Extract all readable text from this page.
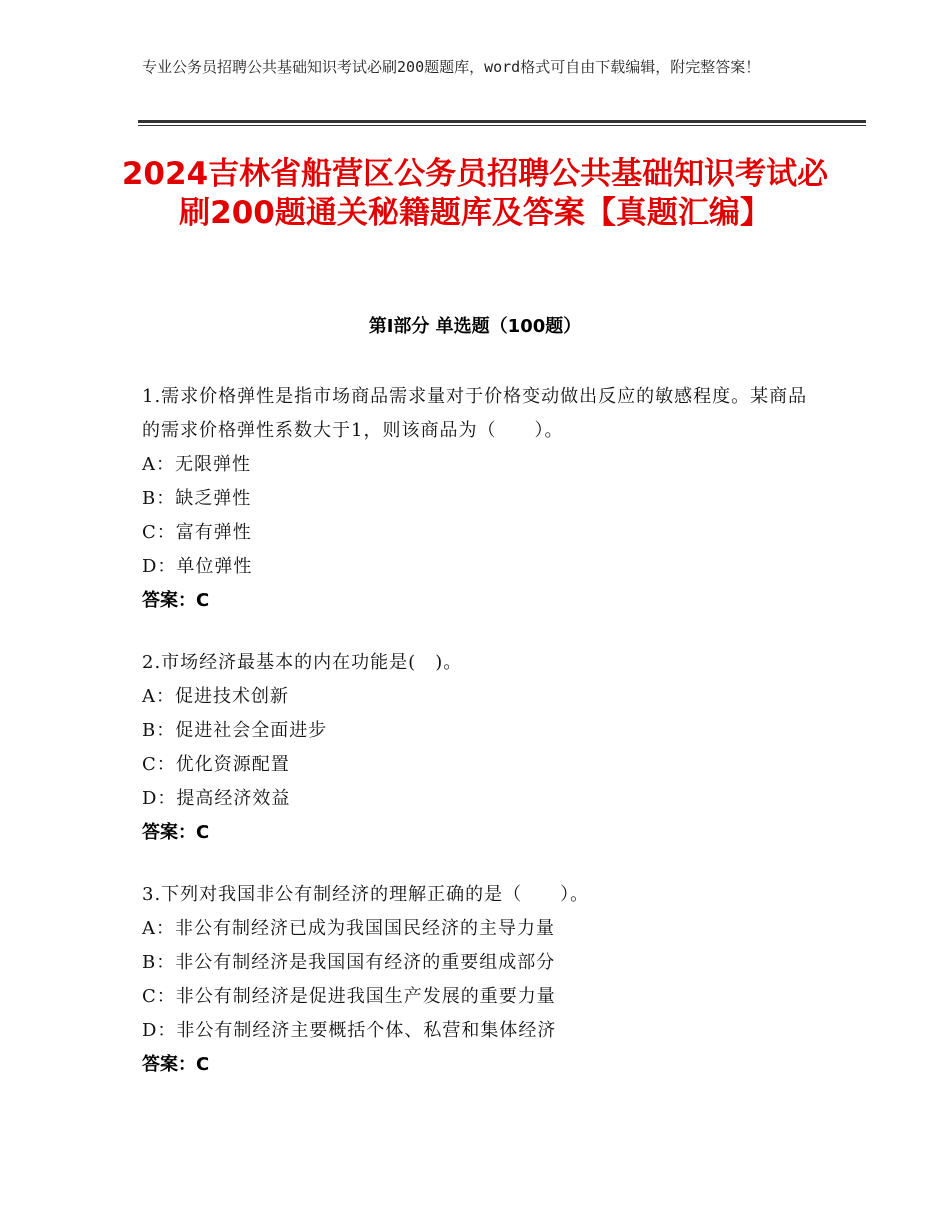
专业公务员招聘公共基础知识考试必刷200题题库，word格式可自由下载编辑，附完整答案！
2024吉林省船营区公务员招聘公共基础知识考试必刷200题通关秘籍题库及答案【真题汇编】
第Ⅰ部分 单选题（100题）
1.需求价格弹性是指市场商品需求量对于价格变动做出反应的敏感程度。某商品的需求价格弹性系数大于1，则该商品为（　　）。
A：无限弹性
B：缺乏弹性
C：富有弹性
D：单位弹性
答案：C
2.市场经济最基本的内在功能是(　)。
A：促进技术创新
B：促进社会全面进步
C：优化资源配置
D：提高经济效益
答案：C
3.下列对我国非公有制经济的理解正确的是（　　）。
A：非公有制经济已成为我国国民经济的主导力量
B：非公有制经济是我国国有经济的重要组成部分
C：非公有制经济是促进我国生产发展的重要力量
D：非公有制经济主要概括个体、私营和集体经济
答案：C
